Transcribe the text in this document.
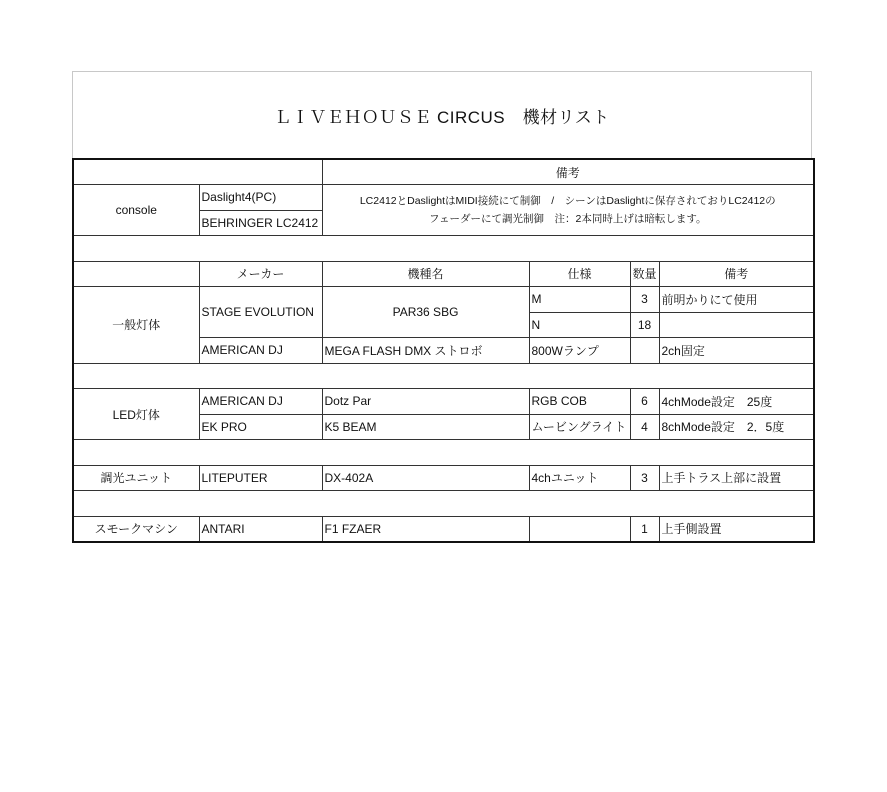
ＬＩＶＥＨＯＵＳＥ CIRCUS　機材リスト
		備考			
console	Daslight4(PC)	LC2412とDaslightはMIDI接続にて制御　/　シーンはDaslightに保存されておりLC2412の
フェーダーにて調光制御　注：2本同時上げは暗転します。			

	BEHRINGER LC2412				

	メーカー	機種名	仕様	数量	備考
一般灯体	STAGE EVOLUTION	PAR36 SBG	M	3	前明かりにて使用
			N	18	
	AMERICAN DJ	MEGA FLASH DMX ストロボ	800Wランプ		2ch固定

LED灯体	AMERICAN DJ	Dotz Par	RGB COB	6	4chMode設定　25度
	EK PRO	K5 BEAM	ムービングライト	4	8chMode設定　2．5度

調光ユニット	LITEPUTER	DX-402A	4chユニット	3	上手トラス上部に設置

スモークマシン	ANTARI	F1 FZAER		1	上手側設置
